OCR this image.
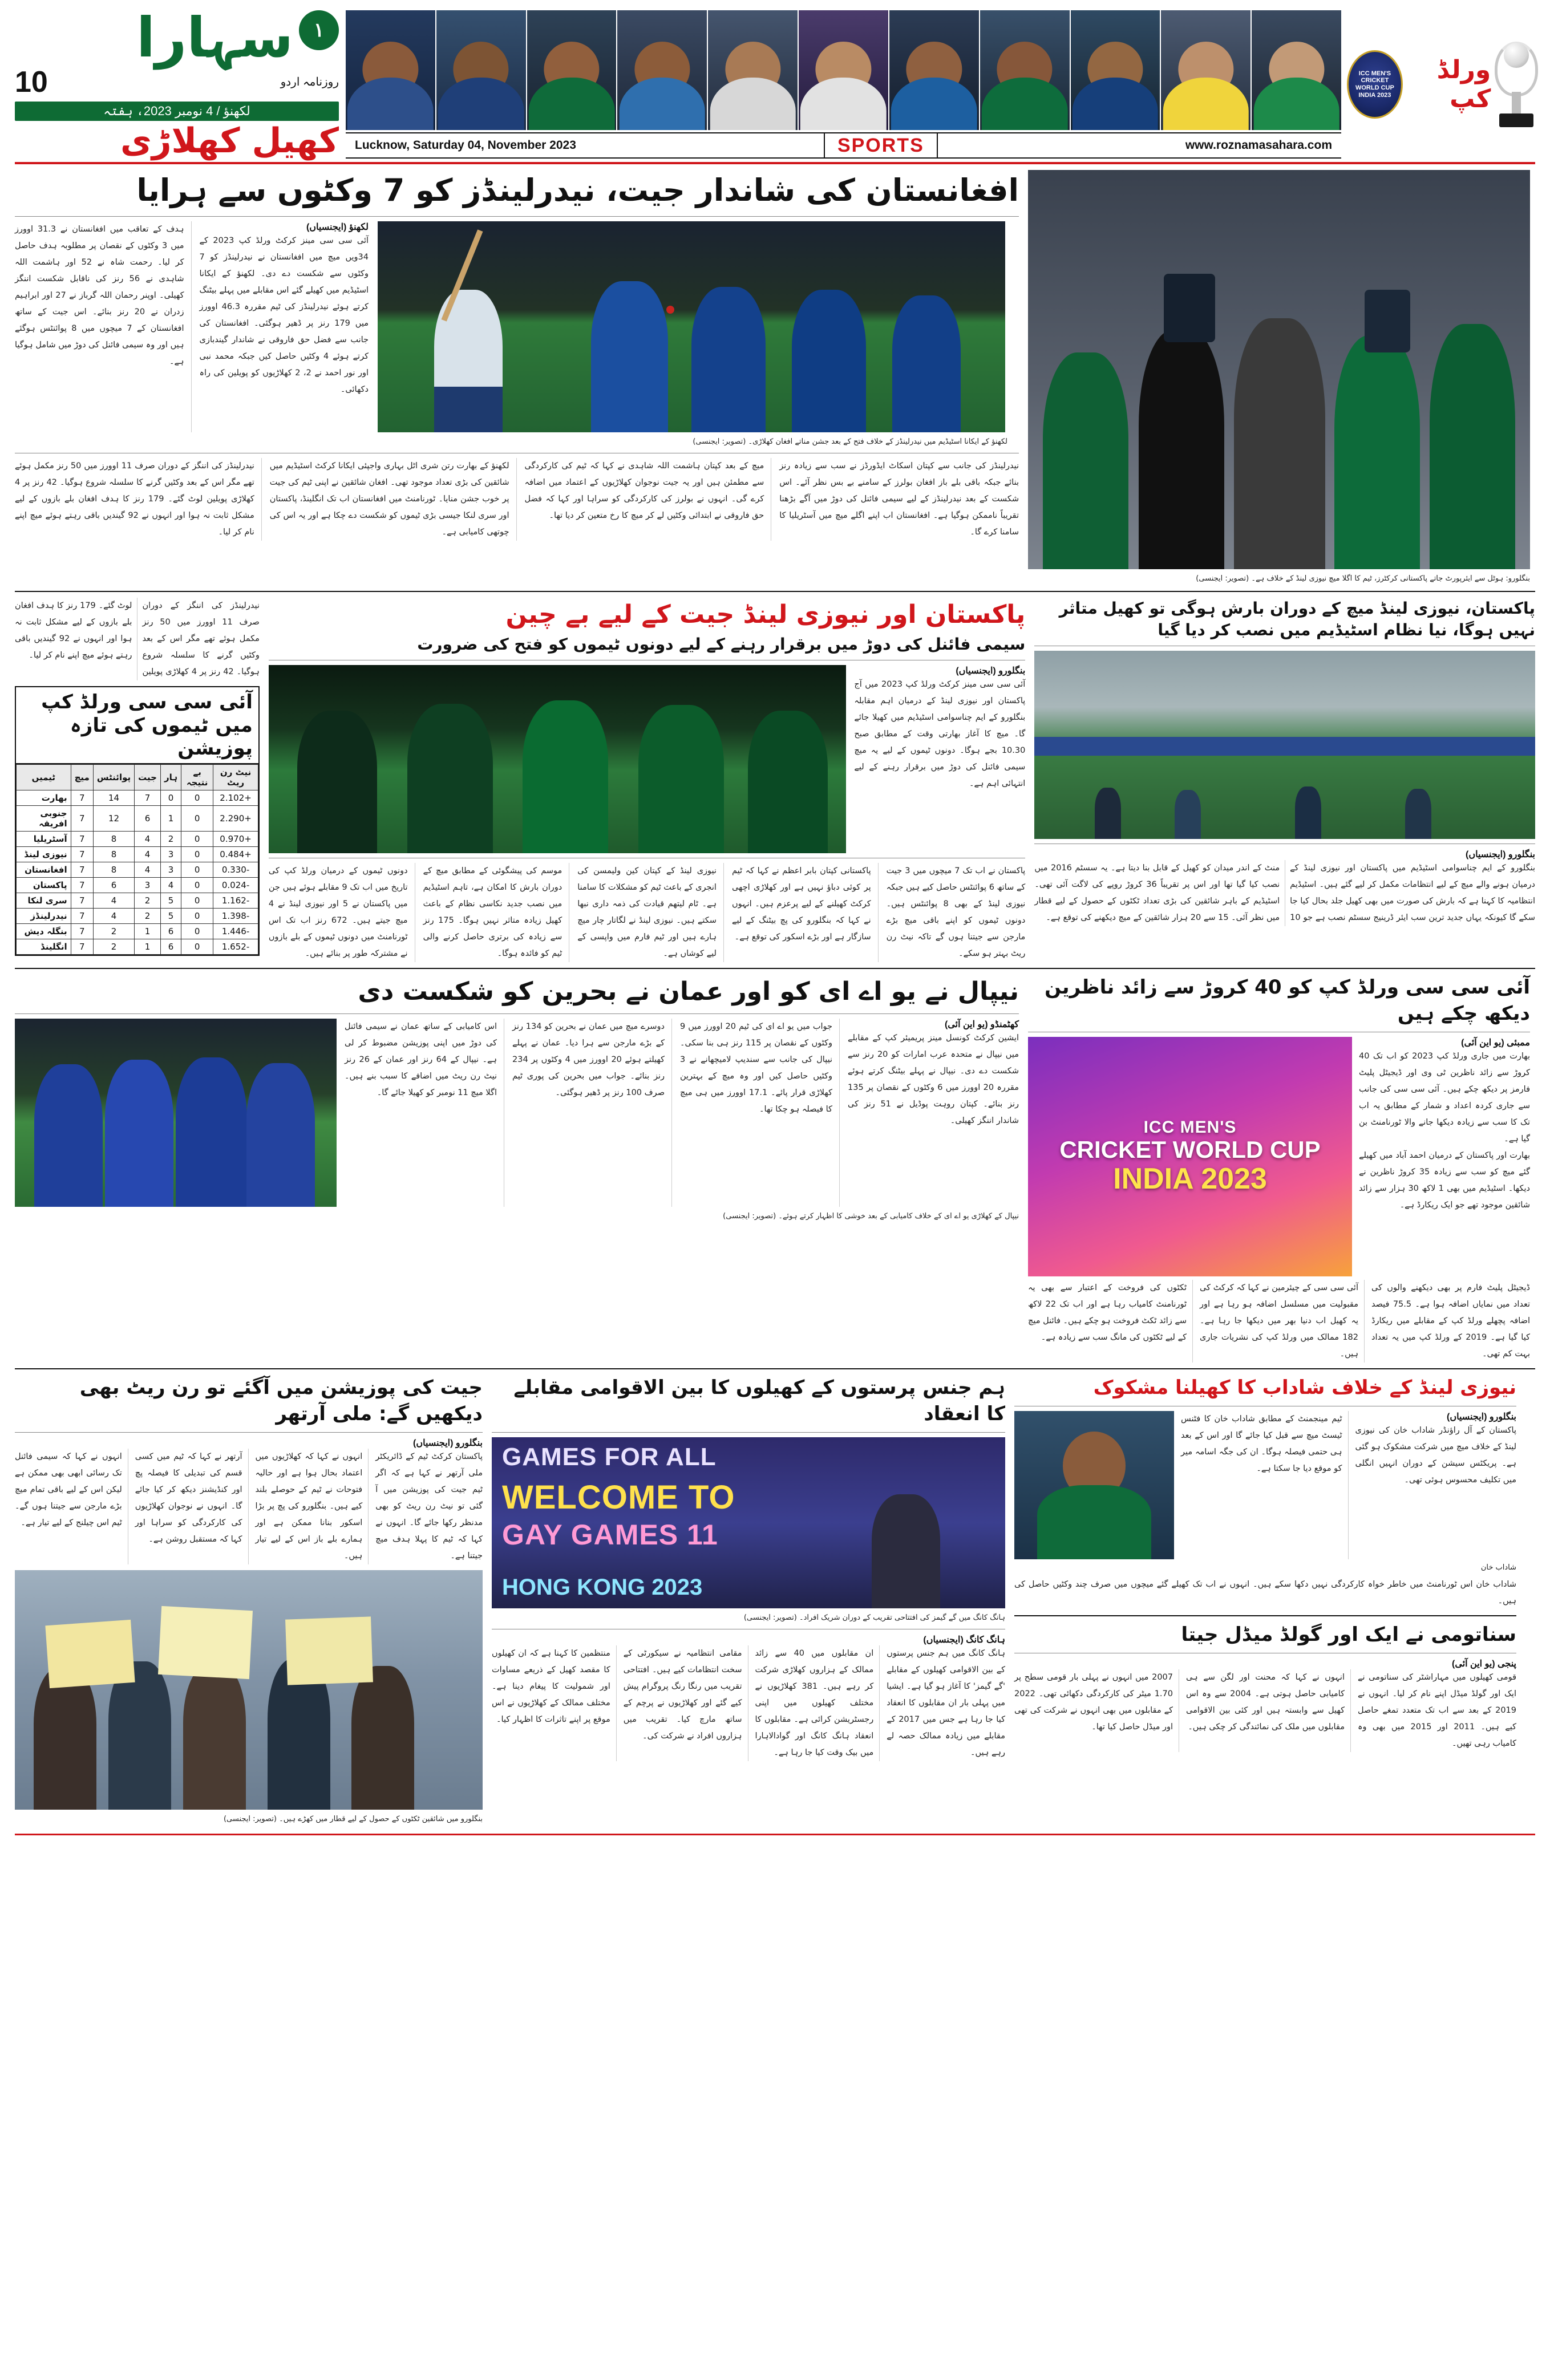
سہارا	۱
10	روزنامہ اردو
لکھنؤ / 4 نومبر 2023، ہفتہ
کھیل کھلاڑی	Lucknow, Saturday 04, November 2023	SPORTS	www.roznamasahara.com
ICC MEN'S
CRICKET WORLD CUP
INDIA 2023
ورلڈ کپ
افغانستان کی شاندار جیت، نیدرلینڈز کو 7 وکٹوں سے ہرایا
لکھنؤ (ایجنسیاں)
آئی سی سی مینز کرکٹ ورلڈ کپ 2023 کے 34ویں میچ میں افغانستان نے نیدرلینڈز کو 7 وکٹوں سے شکست دے دی۔ لکھنؤ کے ایکانا اسٹیڈیم میں کھیلے گئے اس مقابلے میں پہلے بیٹنگ کرتے ہوئے نیدرلینڈز کی ٹیم مقررہ 46.3 اوورز میں 179 رنز پر ڈھیر ہوگئی۔ افغانستان کی جانب سے فضل حق فاروقی نے شاندار گیندبازی کرتے ہوئے 4 وکٹیں حاصل کیں جبکہ محمد نبی اور نور احمد نے 2، 2 کھلاڑیوں کو پویلین کی راہ دکھائی۔
ہدف کے تعاقب میں افغانستان نے 31.3 اوورز میں 3 وکٹوں کے نقصان پر مطلوبہ ہدف حاصل کر لیا۔ رحمت شاہ نے 52 اور ہاشمت اللہ شاہدی نے 56 رنز کی ناقابل شکست اننگز کھیلی۔ اوپنر رحمان اللہ گرباز نے 27 اور ابراہیم زدران نے 20 رنز بنائے۔ اس جیت کے ساتھ افغانستان کے 7 میچوں میں 8 پوائنٹس ہوگئے ہیں اور وہ سیمی فائنل کی دوڑ میں شامل ہوگیا ہے۔
لکھنؤ کے ایکانا اسٹیڈیم میں نیدرلینڈز کے خلاف فتح کے بعد جشن مناتے افغان کھلاڑی۔ (تصویر: ایجنسی)
نیدرلینڈز کی جانب سے کپتان اسکاٹ ایڈورڈز نے سب سے زیادہ رنز بنائے جبکہ باقی بلے باز افغان بولرز کے سامنے بے بس نظر آئے۔ اس شکست کے بعد نیدرلینڈز کے لیے سیمی فائنل کی دوڑ میں آگے بڑھنا تقریباً ناممکن ہوگیا ہے۔ افغانستان اب اپنے اگلے میچ میں آسٹریلیا کا سامنا کرے گا۔
میچ کے بعد کپتان ہاشمت اللہ شاہدی نے کہا کہ ٹیم کی کارکردگی سے مطمئن ہیں اور یہ جیت نوجوان کھلاڑیوں کے اعتماد میں اضافہ کرے گی۔ انہوں نے بولرز کی کارکردگی کو سراہا اور کہا کہ فضل حق فاروقی نے ابتدائی وکٹیں لے کر میچ کا رخ متعین کر دیا تھا۔
لکھنؤ کے بھارت رتن شری اٹل بہاری واجپئی ایکانا کرکٹ اسٹیڈیم میں شائقین کی بڑی تعداد موجود تھی۔ افغان شائقین نے اپنی ٹیم کی جیت پر خوب جشن منایا۔ ٹورنامنٹ میں افغانستان اب تک انگلینڈ، پاکستان اور سری لنکا جیسی بڑی ٹیموں کو شکست دے چکا ہے اور یہ اس کی چوتھی کامیابی ہے۔
نیدرلینڈز کی اننگز کے دوران صرف 11 اوورز میں 50 رنز مکمل ہوئے تھے مگر اس کے بعد وکٹیں گرنے کا سلسلہ شروع ہوگیا۔ 42 رنز پر 4 کھلاڑی پویلین لوٹ گئے۔ 179 رنز کا ہدف افغان بلے بازوں کے لیے مشکل ثابت نہ ہوا اور انہوں نے 92 گیندیں باقی رہتے ہوئے میچ اپنے نام کر لیا۔
بنگلورو: ہوٹل سے ایئرپورٹ جاتے پاکستانی کرکٹرز، ٹیم کا اگلا میچ نیوزی لینڈ کے خلاف ہے۔ (تصویر: ایجنسی)
نیدرلینڈز کی اننگز کے دوران صرف 11 اوورز میں 50 رنز مکمل ہوئے تھے مگر اس کے بعد وکٹیں گرنے کا سلسلہ شروع ہوگیا۔ 42 رنز پر 4 کھلاڑی پویلین لوٹ گئے۔ 179 رنز کا ہدف افغان بلے بازوں کے لیے مشکل ثابت نہ ہوا اور انہوں نے 92 گیندیں باقی رہتے ہوئے میچ اپنے نام کر لیا۔
آئی سی سی ورلڈ کپ میں ٹیموں کی تازہ پوزیشن
نیٹ رن ریٹ	بے نتیجہ	ہار	جیت	پوائنٹس	میچ	ٹیمیں
+2.102	0	0	7	14	7	بھارت
+2.290	0	1	6	12	7	جنوبی افریقہ
+0.970	0	2	4	8	7	آسٹریلیا
+0.484	0	3	4	8	7	نیوزی لینڈ
-0.330	0	3	4	8	7	افغانستان
-0.024	0	4	3	6	7	پاکستان
-1.162	0	5	2	4	7	سری لنکا
-1.398	0	5	2	4	7	نیدرلینڈز
-1.446	0	6	1	2	7	بنگلہ دیش
-1.652	0	6	1	2	7	انگلینڈ
پاکستان اور نیوزی لینڈ جیت کے لیے بے چین
سیمی فائنل کی دوڑ میں برقرار رہنے کے لیے دونوں ٹیموں کو فتح کی ضرورت
بنگلورو (ایجنسیاں)
آئی سی سی مینز کرکٹ ورلڈ کپ 2023 میں آج پاکستان اور نیوزی لینڈ کے درمیان اہم مقابلہ بنگلورو کے ایم چناسوامی اسٹیڈیم میں کھیلا جائے گا۔ میچ کا آغاز بھارتی وقت کے مطابق صبح 10.30 بجے ہوگا۔ دونوں ٹیموں کے لیے یہ میچ سیمی فائنل کی دوڑ میں برقرار رہنے کے لیے انتہائی اہم ہے۔
پاکستان نے اب تک 7 میچوں میں 3 جیت کے ساتھ 6 پوائنٹس حاصل کیے ہیں جبکہ نیوزی لینڈ کے بھی 8 پوائنٹس ہیں۔ دونوں ٹیموں کو اپنے باقی میچ بڑے مارجن سے جیتنا ہوں گے تاکہ نیٹ رن ریٹ بہتر ہو سکے۔
پاکستانی کپتان بابر اعظم نے کہا کہ ٹیم پر کوئی دباؤ نہیں ہے اور کھلاڑی اچھی کرکٹ کھیلنے کے لیے پرعزم ہیں۔ انہوں نے کہا کہ بنگلورو کی پچ بیٹنگ کے لیے سازگار ہے اور بڑے اسکور کی توقع ہے۔
نیوزی لینڈ کے کپتان کین ولیمسن کی انجری کے باعث ٹیم کو مشکلات کا سامنا ہے۔ ٹام لیتھم قیادت کی ذمہ داری نبھا سکتے ہیں۔ نیوزی لینڈ نے لگاتار چار میچ ہارے ہیں اور ٹیم فارم میں واپسی کے لیے کوشاں ہے۔
موسم کی پیشگوئی کے مطابق میچ کے دوران بارش کا امکان ہے، تاہم اسٹیڈیم میں نصب جدید نکاسی نظام کے باعث کھیل زیادہ متاثر نہیں ہوگا۔ 175 رنز سے زیادہ کی برتری حاصل کرنے والی ٹیم کو فائدہ ہوگا۔
دونوں ٹیموں کے درمیان ورلڈ کپ کی تاریخ میں اب تک 9 مقابلے ہوئے ہیں جن میں پاکستان نے 5 اور نیوزی لینڈ نے 4 میچ جیتے ہیں۔ 672 رنز اب تک اس ٹورنامنٹ میں دونوں ٹیموں کے بلے بازوں نے مشترکہ طور پر بنائے ہیں۔
پاکستان، نیوزی لینڈ میچ کے دوران بارش ہوگی تو کھیل متاثر نہیں ہوگا، نیا نظام اسٹیڈیم میں نصب کر دیا گیا
بنگلورو (ایجنسیاں)
بنگلورو کے ایم چناسوامی اسٹیڈیم میں پاکستان اور نیوزی لینڈ کے درمیان ہونے والے میچ کے لیے انتظامات مکمل کر لیے گئے ہیں۔ اسٹیڈیم انتظامیہ کا کہنا ہے کہ بارش کی صورت میں بھی کھیل جلد بحال کیا جا سکے گا کیونکہ یہاں جدید ترین سب ایئر ڈرینیج سسٹم نصب ہے جو 10 منٹ کے اندر میدان کو کھیل کے قابل بنا دیتا ہے۔ یہ سسٹم 2016 میں نصب کیا گیا تھا اور اس پر تقریباً 36 کروڑ روپے کی لاگت آئی تھی۔ اسٹیڈیم کے باہر شائقین کی بڑی تعداد ٹکٹوں کے حصول کے لیے قطار میں نظر آئی۔ 15 سے 20 ہزار شائقین کے میچ دیکھنے کی توقع ہے۔
نیپال نے یو اے ای کو اور عمان نے بحرین کو شکست دی
کھٹمنڈو (یو این آئی)
ایشین کرکٹ کونسل مینز پریمیئر کپ کے مقابلے میں نیپال نے متحدہ عرب امارات کو 20 رنز سے شکست دے دی۔ نیپال نے پہلے بیٹنگ کرتے ہوئے مقررہ 20 اوورز میں 6 وکٹوں کے نقصان پر 135 رنز بنائے۔ کپتان روہت پوڈیل نے 51 رنز کی شاندار اننگز کھیلی۔
جواب میں یو اے ای کی ٹیم 20 اوورز میں 9 وکٹوں کے نقصان پر 115 رنز ہی بنا سکی۔ نیپال کی جانب سے سندیپ لامیچھانے نے 3 وکٹیں حاصل کیں اور وہ میچ کے بہترین کھلاڑی قرار پائے۔ 17.1 اوورز میں ہی میچ کا فیصلہ ہو چکا تھا۔
دوسرے میچ میں عمان نے بحرین کو 134 رنز کے بڑے مارجن سے ہرا دیا۔ عمان نے پہلے کھیلتے ہوئے 20 اوورز میں 4 وکٹوں پر 234 رنز بنائے۔ جواب میں بحرین کی پوری ٹیم صرف 100 رنز پر ڈھیر ہوگئی۔
اس کامیابی کے ساتھ عمان نے سیمی فائنل کی دوڑ میں اپنی پوزیشن مضبوط کر لی ہے۔ نیپال کے 64 رنز اور عمان کے 26 رنز نیٹ رن ریٹ میں اضافے کا سبب بنے ہیں۔ اگلا میچ 11 نومبر کو کھیلا جائے گا۔
نیپال کے کھلاڑی یو اے ای کے خلاف کامیابی کے بعد خوشی کا اظہار کرتے ہوئے۔ (تصویر: ایجنسی)
آئی سی سی ورلڈ کپ کو 40 کروڑ سے زائد ناظرین دیکھ چکے ہیں
ممبئی (یو این آئی)
بھارت میں جاری ورلڈ کپ 2023 کو اب تک 40 کروڑ سے زائد ناظرین ٹی وی اور ڈیجیٹل پلیٹ فارمز پر دیکھ چکے ہیں۔ آئی سی سی کی جانب سے جاری کردہ اعداد و شمار کے مطابق یہ اب تک کا سب سے زیادہ دیکھا جانے والا ٹورنامنٹ بن گیا ہے۔
بھارت اور پاکستان کے درمیان احمد آباد میں کھیلے گئے میچ کو سب سے زیادہ 35 کروڑ ناظرین نے دیکھا۔ اسٹیڈیم میں بھی 1 لاکھ 30 ہزار سے زائد شائقین موجود تھے جو ایک ریکارڈ ہے۔
ICC MEN'S
CRICKET WORLD CUP
INDIA 2023
ڈیجیٹل پلیٹ فارم پر بھی دیکھنے والوں کی تعداد میں نمایاں اضافہ ہوا ہے۔ 75.5 فیصد اضافہ پچھلے ورلڈ کپ کے مقابلے میں ریکارڈ کیا گیا ہے۔ 2019 کے ورلڈ کپ میں یہ تعداد بہت کم تھی۔
آئی سی سی کے چیئرمین نے کہا کہ کرکٹ کی مقبولیت میں مسلسل اضافہ ہو رہا ہے اور یہ کھیل اب دنیا بھر میں دیکھا جا رہا ہے۔ 182 ممالک میں ورلڈ کپ کی نشریات جاری ہیں۔
ٹکٹوں کی فروخت کے اعتبار سے بھی یہ ٹورنامنٹ کامیاب رہا ہے اور اب تک 22 لاکھ سے زائد ٹکٹ فروخت ہو چکے ہیں۔ فائنل میچ کے لیے ٹکٹوں کی مانگ سب سے زیادہ ہے۔
جیت کی پوزیشن میں آگئے تو رن ریٹ بھی دیکھیں گے: ملی آرتھر
بنگلورو (ایجنسیاں)
پاکستان کرکٹ ٹیم کے ڈائریکٹر ملی آرتھر نے کہا ہے کہ اگر ٹیم جیت کی پوزیشن میں آ گئی تو نیٹ رن ریٹ کو بھی مدنظر رکھا جائے گا۔ انہوں نے کہا کہ ٹیم کا پہلا ہدف میچ جیتنا ہے۔
انہوں نے کہا کہ کھلاڑیوں میں اعتماد بحال ہوا ہے اور حالیہ فتوحات نے ٹیم کے حوصلے بلند کیے ہیں۔ بنگلورو کی پچ پر بڑا اسکور بنانا ممکن ہے اور ہمارے بلے باز اس کے لیے تیار ہیں۔
آرتھر نے کہا کہ ٹیم میں کسی قسم کی تبدیلی کا فیصلہ پچ اور کنڈیشنز دیکھ کر کیا جائے گا۔ انہوں نے نوجوان کھلاڑیوں کی کارکردگی کو سراہا اور کہا کہ مستقبل روشن ہے۔
انہوں نے کہا کہ سیمی فائنل تک رسائی ابھی بھی ممکن ہے لیکن اس کے لیے باقی تمام میچ بڑے مارجن سے جیتنا ہوں گے۔ ٹیم اس چیلنج کے لیے تیار ہے۔
بنگلورو میں شائقین ٹکٹوں کے حصول کے لیے قطار میں کھڑے ہیں۔ (تصویر: ایجنسی)
ہم جنس پرستوں کے کھیلوں کا بین الاقوامی مقابلے کا انعقاد
GAMES FOR ALL
WELCOME TO
GAY GAMES 11
HONG KONG 2023
ہانگ کانگ میں گے گیمز کی افتتاحی تقریب کے دوران شریک افراد۔ (تصویر: ایجنسی)
ہانگ کانگ (ایجنسیاں)
ہانگ کانگ میں ہم جنس پرستوں کے بین الاقوامی کھیلوں کے مقابلے 'گے گیمز' کا آغاز ہو گیا ہے۔ ایشیا میں پہلی بار ان مقابلوں کا انعقاد کیا جا رہا ہے جس میں 2017 کے مقابلے میں زیادہ ممالک حصہ لے رہے ہیں۔
ان مقابلوں میں 40 سے زائد ممالک کے ہزاروں کھلاڑی شرکت کر رہے ہیں۔ 381 کھلاڑیوں نے مختلف کھیلوں میں اپنی رجسٹریشن کرائی ہے۔ مقابلوں کا انعقاد ہانگ کانگ اور گوادالاہارا میں بیک وقت کیا جا رہا ہے۔
مقامی انتظامیہ نے سیکورٹی کے سخت انتظامات کیے ہیں۔ افتتاحی تقریب میں رنگا رنگ پروگرام پیش کیے گئے اور کھلاڑیوں نے پرچم کے ساتھ مارچ کیا۔ تقریب میں ہزاروں افراد نے شرکت کی۔
منتظمین کا کہنا ہے کہ ان کھیلوں کا مقصد کھیل کے ذریعے مساوات اور شمولیت کا پیغام دینا ہے۔ مختلف ممالک کے کھلاڑیوں نے اس موقع پر اپنے تاثرات کا اظہار کیا۔
نیوزی لینڈ کے خلاف شاداب کا کھیلنا مشکوک
بنگلورو (ایجنسیاں)
پاکستان کے آل راؤنڈر شاداب خان کی نیوزی لینڈ کے خلاف میچ میں شرکت مشکوک ہو گئی ہے۔ پریکٹس سیشن کے دوران انہیں انگلی میں تکلیف محسوس ہوئی تھی۔
ٹیم مینجمنٹ کے مطابق شاداب خان کا فٹنس ٹیسٹ میچ سے قبل کیا جائے گا اور اس کے بعد ہی حتمی فیصلہ ہوگا۔ ان کی جگہ اسامہ میر کو موقع دیا جا سکتا ہے۔
شاداب خان
شاداب خان اس ٹورنامنٹ میں خاطر خواہ کارکردگی نہیں دکھا سکے ہیں۔ انہوں نے اب تک کھیلے گئے میچوں میں صرف چند وکٹیں حاصل کی ہیں۔
سناتومی نے ایک اور گولڈ میڈل جیتا
پنجی (یو این آئی)
قومی کھیلوں میں مہاراشٹر کی سناتومی نے ایک اور گولڈ میڈل اپنے نام کر لیا۔ انہوں نے 2019 کے بعد سے اب تک متعدد تمغے حاصل کیے ہیں۔ 2011 اور 2015 میں بھی وہ کامیاب رہی تھیں۔
انہوں نے کہا کہ محنت اور لگن سے ہی کامیابی حاصل ہوتی ہے۔ 2004 سے وہ اس کھیل سے وابستہ ہیں اور کئی بین الاقوامی مقابلوں میں ملک کی نمائندگی کر چکی ہیں۔
2007 میں انہوں نے پہلی بار قومی سطح پر 1.70 میٹر کی کارکردگی دکھائی تھی۔ 2022 کے مقابلوں میں بھی انہوں نے شرکت کی تھی اور میڈل حاصل کیا تھا۔
